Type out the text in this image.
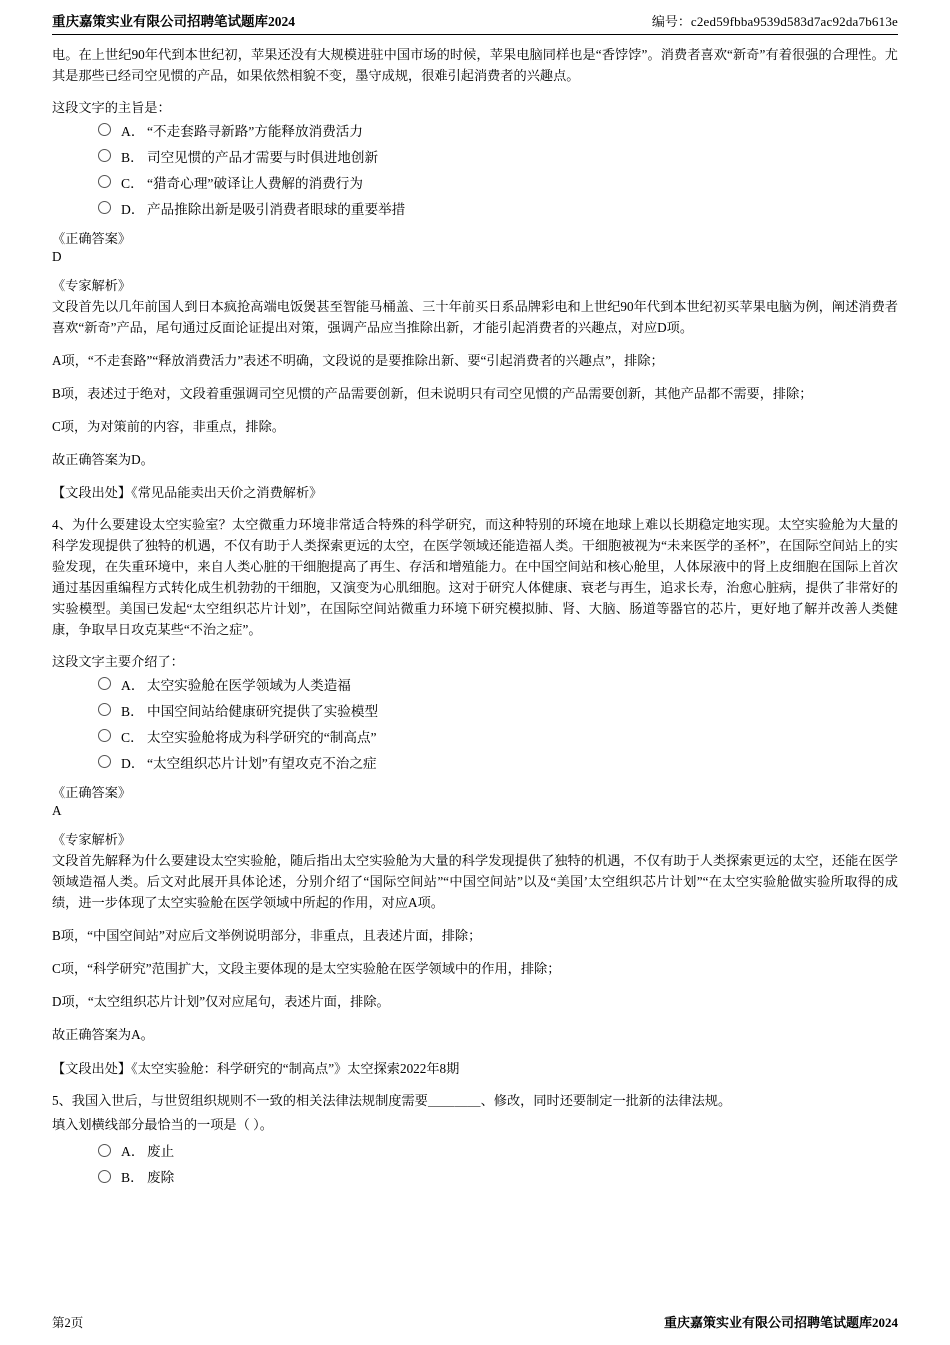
重庆嘉策实业有限公司招聘笔试题库2024	编号：c2ed59fbba9539d583d7ac92da7b613e

电。在上世纪90年代到本世纪初，苹果还没有大规模进驻中国市场的时候，苹果电脑同样也是“香饽饽”。消费者喜欢“新奇”有着很强的合理性。尤其是那些已经司空见惯的产品，如果依然相貌不变，墨守成规，很难引起消费者的兴趣点。

这段文字的主旨是：

A． “不走套路寻新路”方能释放消费活力
B． 司空见惯的产品才需要与时俱进地创新
C． “猎奇心理”破译让人费解的消费行为
D． 产品推除出新是吸引消费者眼球的重要举措

《正确答案》

D

《专家解析》

文段首先以几年前国人到日本疯抢高端电饭煲甚至智能马桶盖、三十年前买日系品牌彩电和上世纪90年代到本世纪初买苹果电脑为例，阐述消费者喜欢“新奇”产品，尾句通过反面论证提出对策，强调产品应当推除出新，才能引起消费者的兴趣点，对应D项。

A项，“不走套路”“释放消费活力”表述不明确，文段说的是要推除出新、要“引起消费者的兴趣点”，排除；

B项，表述过于绝对，文段着重强调司空见惯的产品需要创新，但未说明只有司空见惯的产品需要创新，其他产品都不需要，排除；

C项，为对策前的内容，非重点，排除。

故正确答案为D。

【文段出处】《常见品能卖出天价之消费解析》

4、为什么要建设太空实验室？太空微重力环境非常适合特殊的科学研究，而这种特别的环境在地球上难以长期稳定地实现。太空实验舱为大量的科学发现提供了独特的机遇，不仅有助于人类探索更远的太空，在医学领域还能造福人类。干细胞被视为“未来医学的圣杯”，在国际空间站上的实验发现，在失重环境中，来自人类心脏的干细胞提高了再生、存活和增殖能力。在中国空间站和核心舱里，人体尿液中的肾上皮细胞在国际上首次通过基因重编程方式转化成生机勃勃的干细胞，又演变为心肌细胞。这对于研究人体健康、衰老与再生，追求长寿，治愈心脏病，提供了非常好的实验模型。美国已发起“太空组织芯片计划”，在国际空间站微重力环境下研究模拟肺、肾、大脑、肠道等器官的芯片，更好地了解并改善人类健康，争取早日攻克某些“不治之症”。

这段文字主要介绍了：

A． 太空实验舱在医学领域为人类造福
B． 中国空间站给健康研究提供了实验模型
C． 太空实验舱将成为科学研究的“制高点”
D． “太空组织芯片计划”有望攻克不治之症

《正确答案》

A

《专家解析》

文段首先解释为什么要建设太空实验舱，随后指出太空实验舱为大量的科学发现提供了独特的机遇，不仅有助于人类探索更远的太空，还能在医学领域造福人类。后文对此展开具体论述，分别介绍了“国际空间站”“中国空间站”以及“美国’太空组织芯片计划”“在太空实验舱做实验所取得的成绩，进一步体现了太空实验舱在医学领域中所起的作用，对应A项。

B项，“中国空间站”对应后文举例说明部分，非重点，且表述片面，排除；

C项，“科学研究”范围扩大，文段主要体现的是太空实验舱在医学领域中的作用，排除；

D项，“太空组织芯片计划”仅对应尾句，表述片面，排除。

故正确答案为A。

【文段出处】《太空实验舱：科学研究的“制高点”》太空探索2022年8期

5、我国入世后，与世贸组织规则不一致的相关法律法规制度需要＿＿＿＿、修改，同时还要制定一批新的法律法规。

填入划横线部分最恰当的一项是（ ）。

A． 废止
B． 废除
第2页	重庆嘉策实业有限公司招聘笔试题库2024
